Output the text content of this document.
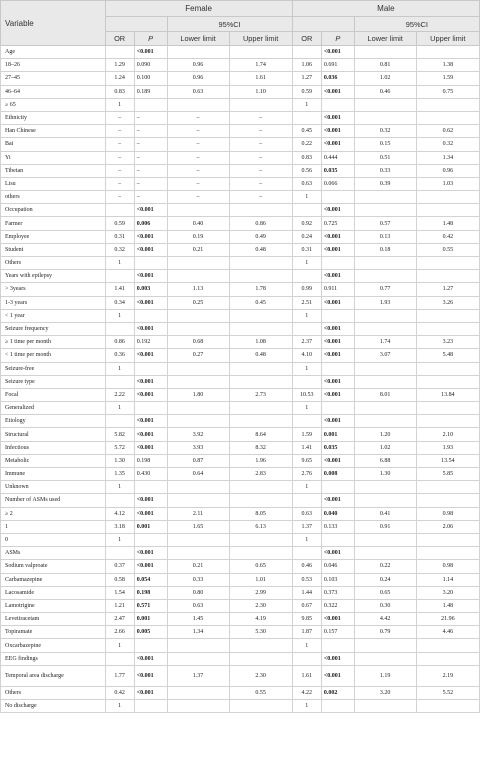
Variable	Female				Male			
			95%CI				95%CI	
	OR	P	Lower limit	Upper limit	OR	P	Lower limit	Upper limit
Age		<0.001				<0.001		
18–26	1.29	0.090	0.96	1.74	1.06	0.691	0.81	1.38
27–45	1.24	0.100	0.96	1.61	1.27	0.036	1.02	1.59
46–64	0.83	0.189	0.63	1.10	0.59	<0.001	0.46	0.75
≥ 65	1				1			
Ethnicity	–	–	–	–		<0.001		
Han Chinese	–	–	–	–	0.45	<0.001	0.32	0.62
Bai	–	–	–	–	0.22	<0.001	0.15	0.32
Yi	–	–	–	–	0.83	0.444	0.51	1.34
Tibetan	–	–	–	–	0.56	0.035	0.33	0.96
Lisu	–	–	–	–	0.63	0.066	0.39	1.03
others	–	–	–	–	1			
Occupation		<0.001				<0.001		
Farmer	0.59	0.006	0.40	0.86	0.92	0.725	0.57	1.48
Employee	0.31	<0.001	0.19	0.49	0.24	<0.001	0.13	0.42
Student	0.32	<0.001	0.21	0.48	0.31	<0.001	0.18	0.55
Others	1				1			
Years with epilepsy		<0.001				<0.001		
> 3years	1.41	0.003	1.13	1.78	0.99	0.911	0.77	1.27
1-3 years	0.34	<0.001	0.25	0.45	2.51	<0.001	1.93	3.26
< 1 year	1				1			
Seizure frequency		<0.001				<0.001		
≥ 1 time per month	0.86	0.192	0.68	1.08	2.37	<0.001	1.74	3.23
< 1 time per month	0.36	<0.001	0.27	0.48	4.10	<0.001	3.07	5.48
Seizure-free	1				1			
Seizure type		<0.001				<0.001		
Focal	2.22	<0.001	1.80	2.73	10.53	<0.001	8.01	13.84
Generalized	1				1			
Etiology		<0.001				<0.001		
Structural	5.82	<0.001	3.92	8.64	1.59	0.001	1.20	2.10
Infectious	5.72	<0.001	3.93	8.32	1.41	0.035	1.02	1.93
Metabolic	1.30	0.198	0.87	1.96	9.65	<0.001	6.88	13.54
Immune	1.35	0.430	0.64	2.83	2.76	0.008	1.30	5.85
Unknown	1				1			
Number of ASMs used		<0.001				<0.001		
≥ 2	4.12	<0.001	2.11	8.05	0.63	0.040	0.41	0.98
1	3.18	0.001	1.65	6.13	1.37	0.133	0.91	2.06
0	1				1			
ASMs		<0.001				<0.001		
Sodium valproate	0.37	<0.001	0.21	0.65	0.46	0.046	0.22	0.98
Carbamazepine	0.58	0.054	0.33	1.01	0.53	0.103	0.24	1.14
Lacosamide	1.54	0.198	0.80	2.99	1.44	0.373	0.65	3.20
Lamotrigine	1.21	0.571	0.63	2.30	0.67	0.322	0.30	1.48
Levetiracetam	2.47	0.001	1.45	4.19	9.85	<0.001	4.42	21.96
Topiramate	2.66	0.005	1.34	5.30	1.87	0.157	0.79	4.46
Oxcarbazepine	1				1			
EEG findings		<0.001				<0.001		
Temporal area discharge	1.77	<0.001	1.37	2.30	1.61	<0.001	1.19	2.19
Others	0.42	<0.001		0.55	4.22	0.002	3.20	5.52
No discharge	1				1			
